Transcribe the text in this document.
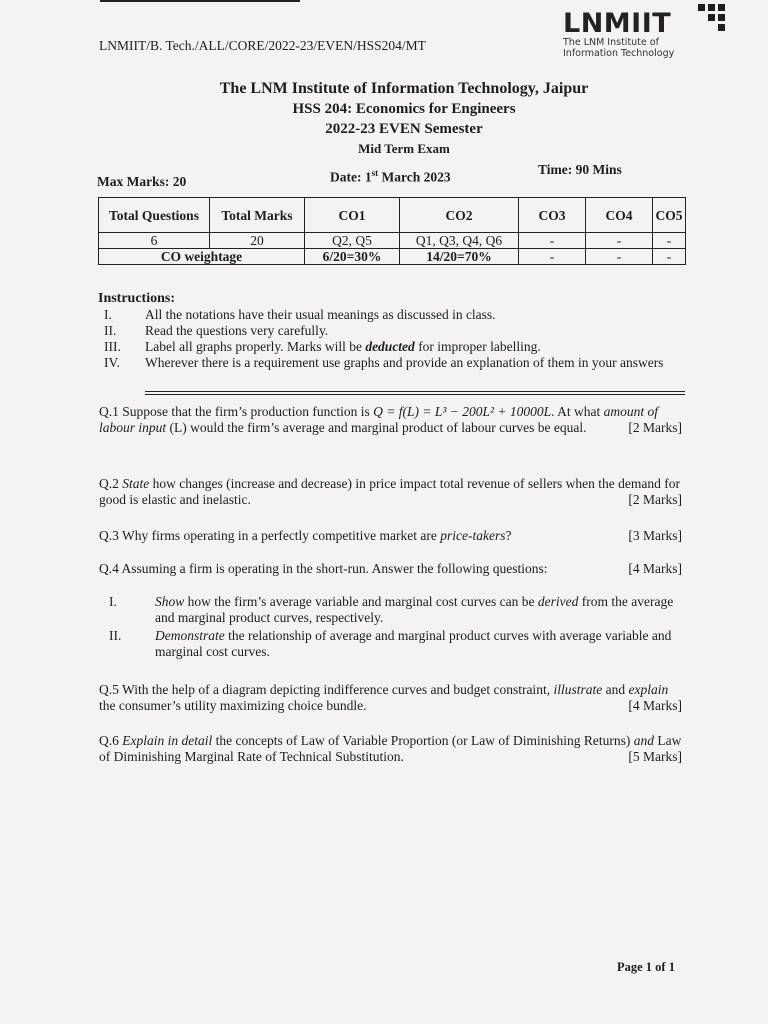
LNMIIT/B. Tech./ALL/CORE/2022-23/EVEN/HSS204/MT
LNMIIT
The LNM Institute of
Information Technology
The LNM Institute of Information Technology, Jaipur
HSS 204: Economics for Engineers
2022-23 EVEN Semester
Mid Term Exam
Max Marks: 20	Date: 1st March 2023	Time: 90 Mins
Total Questions	Total Marks	CO1	CO2	CO3	CO4	CO5
6	20	Q2, Q5	Q1, Q3, Q4, Q6	-	-	-
CO weightage		6/20=30%	14/20=70%	-	-	-
Instructions:
I.	All the notations have their usual meanings as discussed in class.
II.	Read the questions very carefully.
III.	Label all graphs properly. Marks will be deducted for improper labelling.
IV.	Wherever there is a requirement use graphs and provide an explanation of them in your answers
Q.1 Suppose that the firm’s production function is Q = f(L) = L³ − 200L² + 10000L. At what amount of labour input (L) would the firm’s average and marginal product of labour curves be equal.	[2 Marks]
Q.2 State how changes (increase and decrease) in price impact total revenue of sellers when the demand for good is elastic and inelastic.	[2 Marks]
Q.3 Why firms operating in a perfectly competitive market are price-takers?	[3 Marks]
Q.4 Assuming a firm is operating in the short-run. Answer the following questions:	[4 Marks]
I.	Show how the firm’s average variable and marginal cost curves can be derived from the average and marginal product curves, respectively.
II.	Demonstrate the relationship of average and marginal product curves with average variable and marginal cost curves.
Q.5 With the help of a diagram depicting indifference curves and budget constraint, illustrate and explain the consumer’s utility maximizing choice bundle.	[4 Marks]
Q.6 Explain in detail the concepts of Law of Variable Proportion (or Law of Diminishing Returns) and Law of Diminishing Marginal Rate of Technical Substitution.	[5 Marks]
Page 1 of 1
